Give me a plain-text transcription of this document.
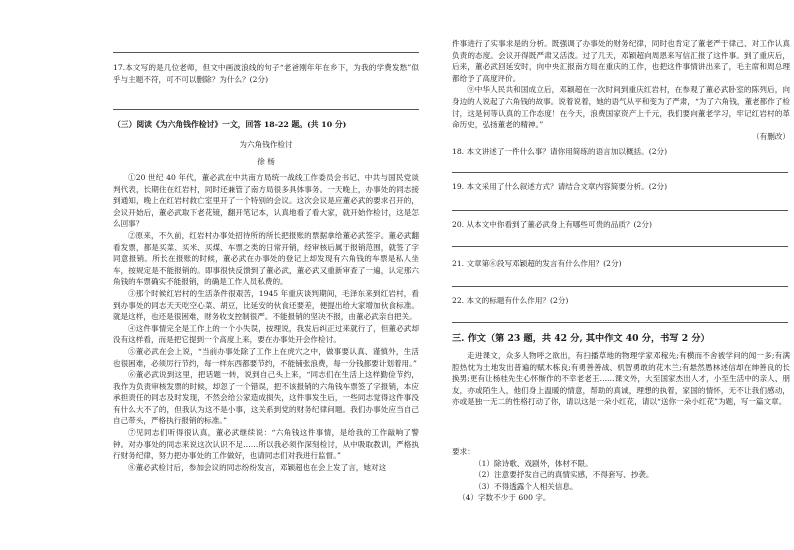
17.本文写的是几位老师，但文中画波浪线的句子“老爸刚年年在乡下，为我的学费发愁”似乎与主题不符，可不可以删除？为什么？(2分)

（三）阅读《为六角钱作检讨》一文，回答 18-22 题。(共 10 分)

为六角钱作检讨

徐 杨

①20 世纪 40 年代，董必武在中共南方局统一战线工作委员会书记、中共与国民党谈判代表，长期住在红岩村，同时还兼管了南方局很多具体事务。一天晚上，办事处的同志接到通知，晚上在红岩村救亡室里开了一个特别的会议。这次会议是应董必武的要求召开的，会议开始后，董必武取下老花镜，翻开笔记本，认真地看了看大家，就开始作检讨，这是怎么回事？

②原来，不久前，红岩村办事处招待所的所长把报账的票据拿给董必武签字。董必武翻看发票，都是买菜、买米、买煤、车票之类的日常开销，经审核后属于报销范围，就签了字同意报销。所长在报账的时候，董必武在办事处的登记上却发现有六角钱的车票是私人坐车，按规定是不能报销的。即事很快反馈到了董必武，董必武又重新审查了一遍，认定那六角钱的车票确实不能报销，的确是工作人员私费的。

③那个时候红岩村的生活条件很艰苦，1945 年重庆谈判期间，毛泽东来到红岩村，看到办事处的同志天天吃空心菜、胡豆，比延安的伙食还要差，便提出给大家增加伙食标准。就是这样，也还是很困难，财务收支控制很严。不能报销的坚决不报，由董必武亲自把关。

④这件事情完全是工作上的一个小失误，按理说，我发后纠正过来就行了，但董必武却没有这样看，而是把它提到一个高度上来，要在办事处开会作检讨。

⑤董必武在会上说，“当前办事处除了工作上在虎穴之中，做事要认真、谨慎外，生活也很困难，必须厉行节约，每一样东西都要节约，不能铺张浪费，每一分钱都要计划着用。”

⑥董必武说到这里，把话题一转，说到自己头上来，“同志们在生活上这样勤俭节约，我作为负责审核发票的时候，却忽了一个错误，把不该报销的六角钱车票签了字报销，本应承担责任的同志及时发现，不然会给公家造成损失，这件事发生后，一些同志觉得这件事没有什么大不了的，但我认为这不是小事，这关系到党的财务纪律问题。我们办事处应当自己自己带头，严格执行报销的标准。”

⑦见同志们听得很认真，董必武继续说：“六角钱这件事情，是给我的工作敲响了警钟。对办事处的同志来说这次认识不足……所以我必须作深刻检讨，从中吸取教训，严格执行财务纪律，努力把办事处的工作做好，也请同志们对我进行监督。”

⑧董必武检讨后，参加会议的同志纷纷发言，邓颖超也在会上发了言，她对这

件事进行了实事求是的分析。既强调了办事处的财务纪律，同时也肯定了董老严于律己、对工作认真负责的态度。会议开得既严肃又活泼。过了几天，邓颖超向周恩来写信汇报了这件事。到了重庆后，后来，董必武回延安时，向中央汇报南方局在重庆的工作，也把这件事情讲出来了，毛主席和周总理都给予了高度评价。

⑨中华人民共和国成立后，邓颖超在一次时间到重庆红岩村，在参观了董必武卧室的陈列后，向身边的人说起了六角钱的故事。说着说着，她的语气从平和变为了严肃，“为了六角钱，董老都作了检讨，这是何等认真的工作态度！在今天，浪费国家资产上千元，我们要向董老学习，牢记红岩村的革命历史，弘扬董老的精神。”

（有删改）

18. 本文讲述了一件什么事？请你用简练的语言加以概括。(2分)

19. 本文采用了什么叙述方式？请结合文章内容简要分析。(2分)

20. 从本文中你看到了董必武身上有哪些可贵的品质？(2分)

21. 文章第⑥段写邓颖超的发言有什么作用？(2分)

22. 本文的标题有什么作用？(2分)

三. 作文（第 23 题，共 42 分, 其中作文 40 分，书写 2 分）

走进课文，众多人物呼之欲出，有扫播草地的物理学家邓稼先;有横而不舍被学问的闻一多;有满腔热忱为土地发出普遍的赋木栋良;有勇善善战、机智勇敢的花木兰;有悬然愚林述信却在绅善良的长换男;更有让杨桂先生心怀惭作的不幸老老王……课文外，大至国家杰出人才，小至生活中的亲人、朋友，亦或陌生人，他们身上温暖的情意，帮助的真诚，理想的执着，家国的情怀，无不让我们感动，亦或是独一无二的性格打动了你，请以这是一朵小红花，请以“送你一朵小红花”为题，写一篇文章。

要求：

（1）除诗歌、戏剧外，体材不限。

（2）注意要抒发自己的真情实感，不得套写、抄袭。

（3）不得透露个人相关信息。

（4）字数不少于 600 字。
